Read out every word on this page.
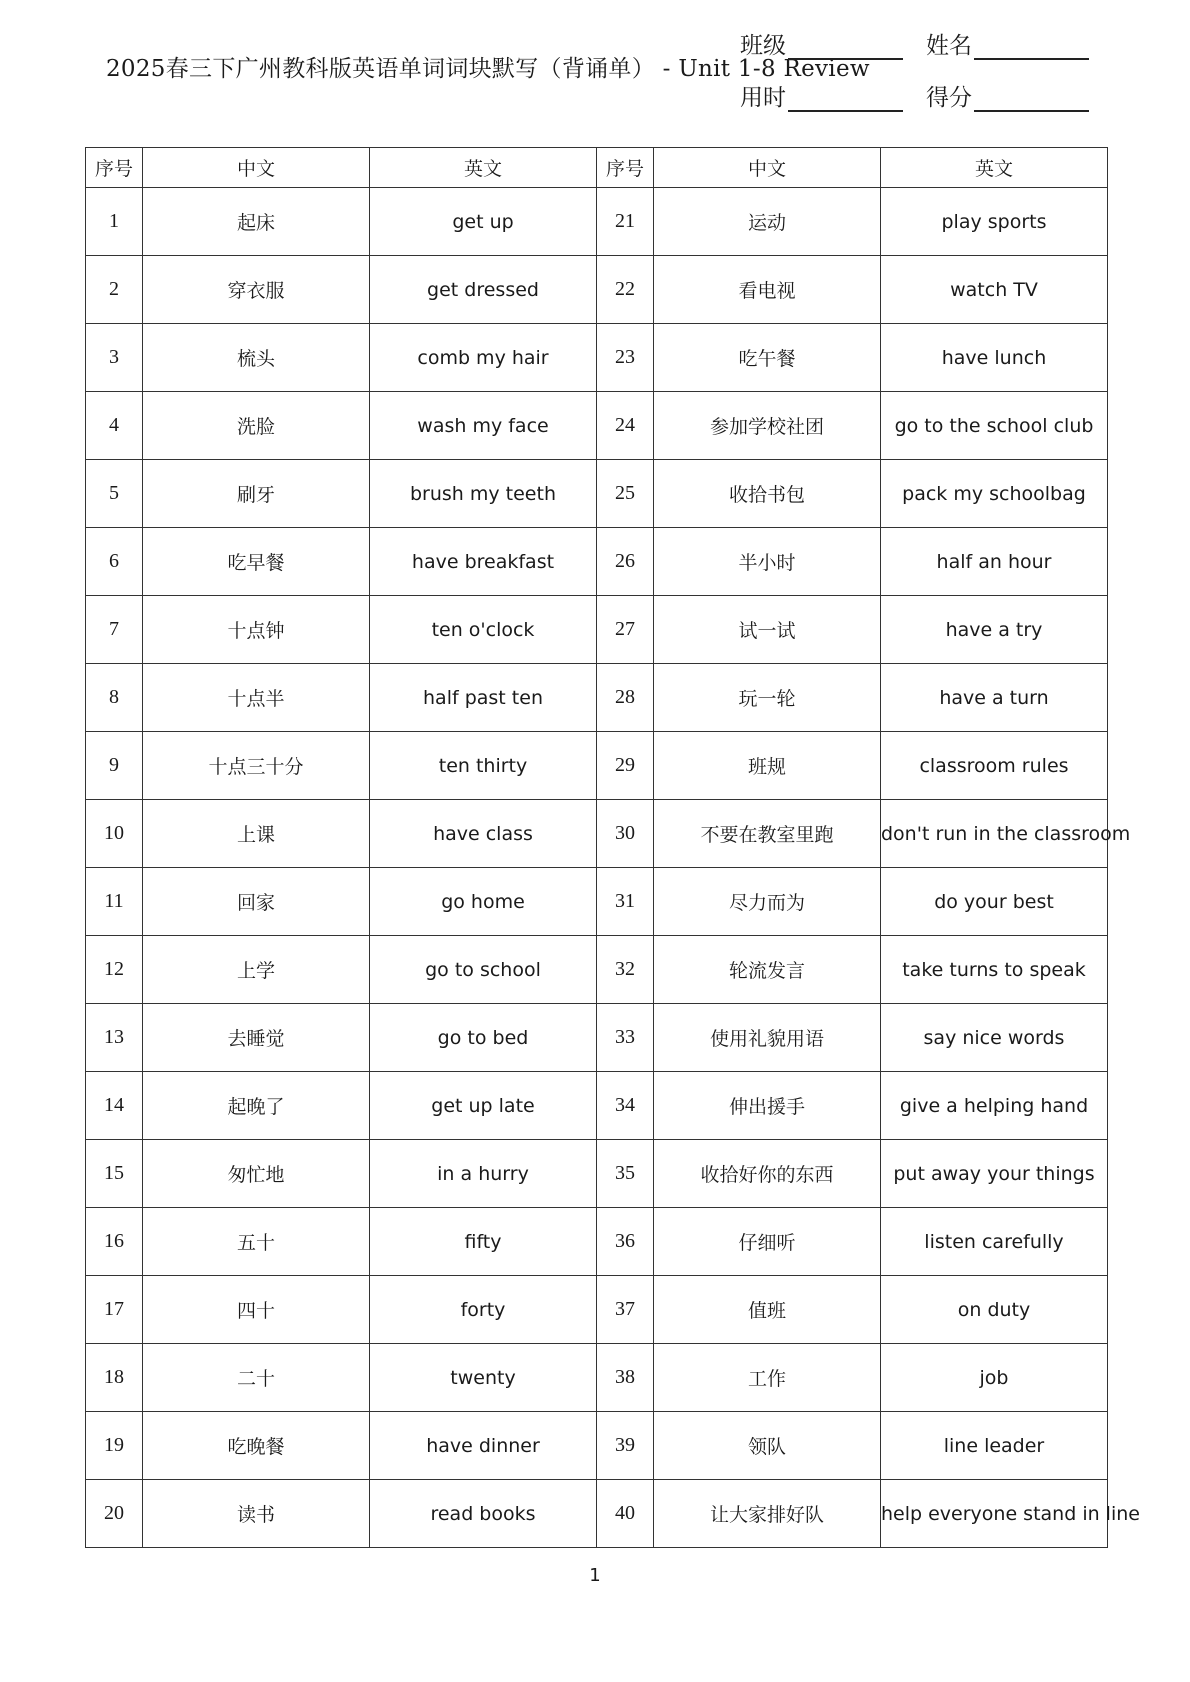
2025春三下广州教科版英语单词词块默写（背诵单） - Unit 1-8 Review
班级	姓名
用时	得分
序号	中文	英文	序号	中文	英文
1	起床	get up	21	运动	play sports
2	穿衣服	get dressed	22	看电视	watch TV
3	梳头	comb my hair	23	吃午餐	have lunch
4	洗脸	wash my face	24	参加学校社团	go to the school club
5	刷牙	brush my teeth	25	收拾书包	pack my schoolbag
6	吃早餐	have breakfast	26	半小时	half an hour
7	十点钟	ten o'clock	27	试一试	have a try
8	十点半	half past ten	28	玩一轮	have a turn
9	十点三十分	ten thirty	29	班规	classroom rules
10	上课	have class	30	不要在教室里跑	don't run in the classroom
11	回家	go home	31	尽力而为	do your best
12	上学	go to school	32	轮流发言	take turns to speak
13	去睡觉	go to bed	33	使用礼貌用语	say nice words
14	起晚了	get up late	34	伸出援手	give a helping hand
15	匆忙地	in a hurry	35	收拾好你的东西	put away your things
16	五十	fifty	36	仔细听	listen carefully
17	四十	forty	37	值班	on duty
18	二十	twenty	38	工作	job
19	吃晚餐	have dinner	39	领队	line leader
20	读书	read books	40	让大家排好队	help everyone stand in line
1
